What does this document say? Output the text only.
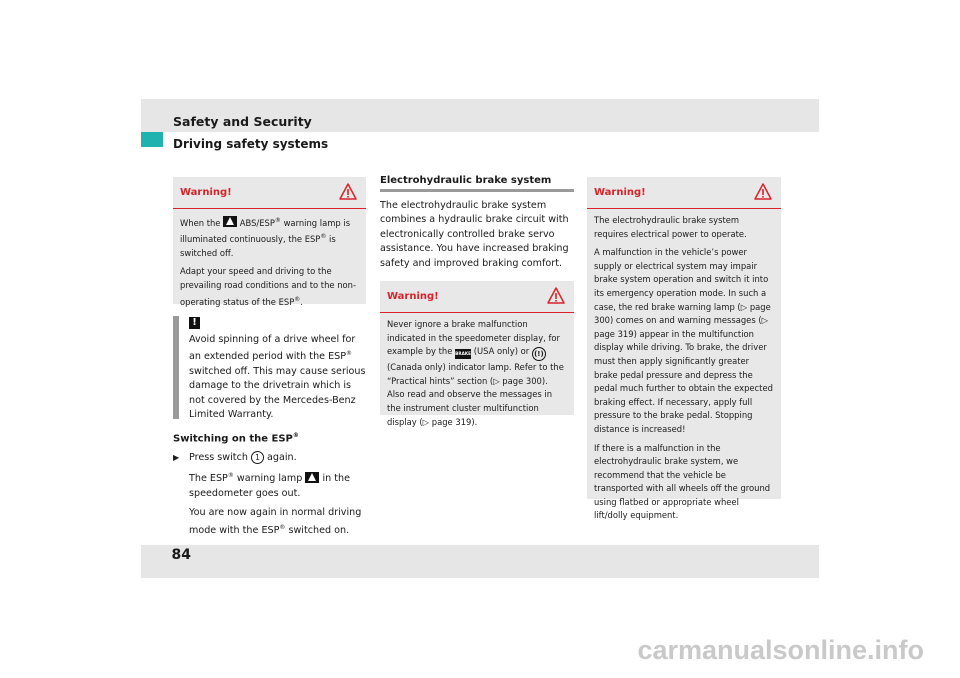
Safety and Security
Driving safety systems
Warning!

When the
ABS/ESP® warning lamp is illuminated continuously, the ESP® is switched off.

Adapt your speed and driving to the prevailing road conditions and to the non-operating status of the ESP®.

!
Avoid spinning of a drive wheel for an extended period with the ESP® switched off. This may cause serious damage to the drivetrain which is not covered by the Mercedes-Benz Limited Warranty.
Switching on the ESP®
▶ Press switch 1 again.
The ESP® warning lamp
in the speedometer goes out.
You are now again in normal driving mode with the ESP® switched on.
Electrohydraulic brake system
The electrohydraulic brake system combines a hydraulic brake circuit with electronically controlled brake servo assistance. You have increased braking safety and improved braking comfort.
Warning!

Never ignore a brake malfunction indicated in the speedometer display, for example by the BRAKE (USA only) or (!) (Canada only) indicator lamp. Refer to the “Practical hints” section (▷ page 300). Also read and observe the messages in the instrument cluster multifunction display (▷ page 319).

Warning!

The electrohydraulic brake system requires electrical power to operate.

A malfunction in the vehicle’s power supply or electrical system may impair brake system operation and switch it into its emergency operation mode. In such a case, the red brake warning lamp (▷ page 300) comes on and warning messages (▷ page 319) appear in the multifunction display while driving. To brake, the driver must then apply significantly greater brake pedal pressure and depress the pedal much further to obtain the expected braking effect. If necessary, apply full pressure to the brake pedal. Stopping distance is increased!

If there is a malfunction in the electrohydraulic brake system, we recommend that the vehicle be transported with all wheels off the ground using flatbed or appropriate wheel lift/dolly equipment.

84
carmanualsonline.info
